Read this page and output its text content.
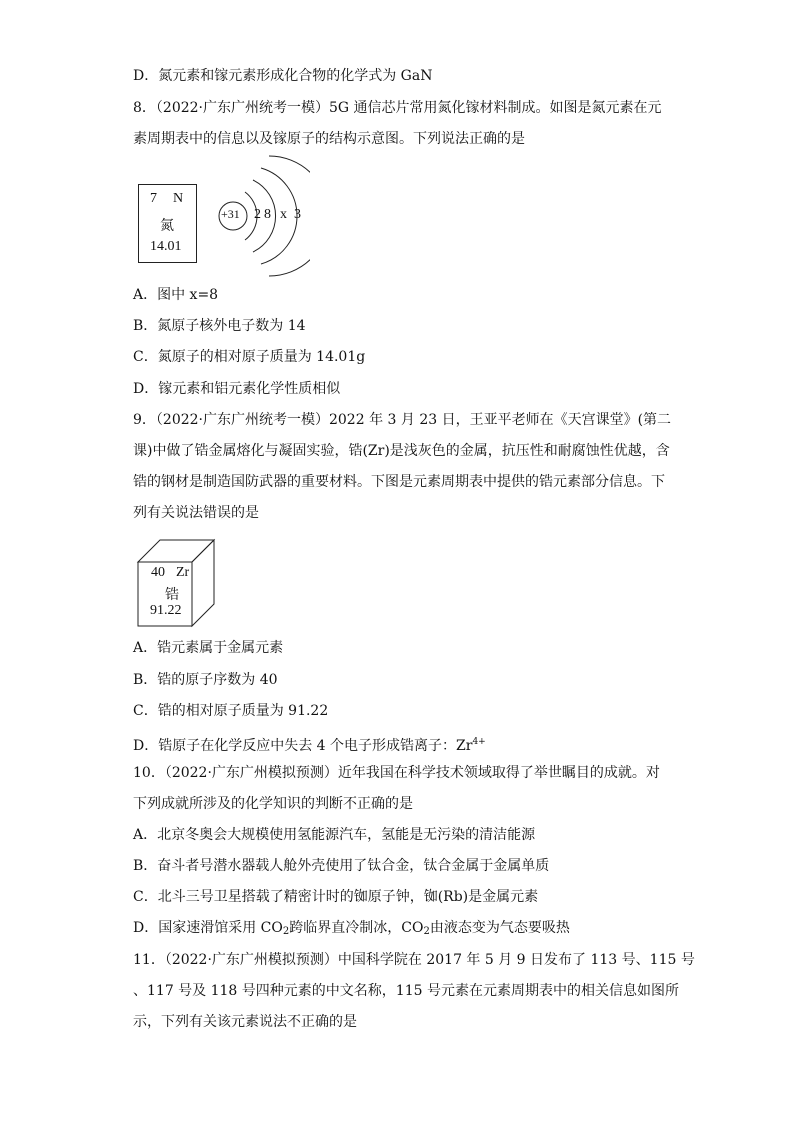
D．氮元素和镓元素形成化合物的化学式为 GaN
8．（2022·广东广州统考一模）5G 通信芯片常用氮化镓材料制成。如图是氮元素在元
素周期表中的信息以及镓原子的结构示意图。下列说法正确的是
7 N
氮
14.01
+31 2 8 x 3
A．图中 x=8
B．氮原子核外电子数为 14
C．氮原子的相对原子质量为 14.01g
D．镓元素和铝元素化学性质相似
9．（2022·广东广州统考一模）2022 年 3 月 23 日，王亚平老师在《天宫课堂》(第二
课)中做了锆金属熔化与凝固实验，锆(Zr)是浅灰色的金属，抗压性和耐腐蚀性优越，含
锆的钢材是制造国防武器的重要材料。下图是元素周期表中提供的锆元素部分信息。下
列有关说法错误的是
40 Zr
锆
91.22
A．锆元素属于金属元素
B．锆的原子序数为 40
C．锆的相对原子质量为 91.22
D．锆原子在化学反应中失去 4 个电子形成锆离子：$Zr^{4+}$
10．（2022·广东广州模拟预测）近年我国在科学技术领域取得了举世瞩目的成就。对
下列成就所涉及的化学知识的判断不正确的是
A．北京冬奥会大规模使用氢能源汽车，氢能是无污染的清洁能源
B．奋斗者号潜水器载人舱外壳使用了钛合金，钛合金属于金属单质
C．北斗三号卫星搭载了精密计时的铷原子钟，铷(Rb)是金属元素
D．国家速滑馆采用 $CO_2$跨临界直冷制冰，$CO_2$由液态变为气态要吸热
11．（2022·广东广州模拟预测）中国科学院在 2017 年 5 月 9 日发布了 113 号、115 号
、117 号及 118 号四种元素的中文名称，115 号元素在元素周期表中的相关信息如图所
示，下列有关该元素说法不正确的是
